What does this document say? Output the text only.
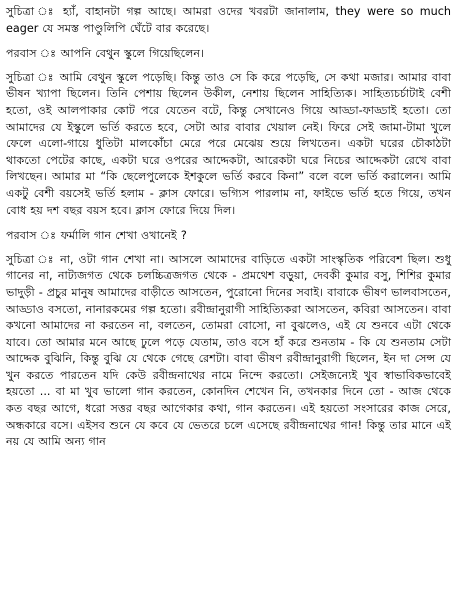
সুচিত্রা ঃ হ্যাঁ, বাহানটা গল্প আছে। আমরা ওদের খবরটা জানালাম, they were so much eager যে সমস্ত পাণ্ডুলিপি ঘেঁটে বার করেছে।

পরবাস ঃ আপনি বেথুন স্কুলে গিয়েছিলেন।

সুচিত্রা ঃ আমি বেথুন স্কুলে পড়েছি। কিন্তু তাও সে কি করে পড়েছি, সে কথা মজার। আমার বাবা ভীষন খ্যাপা ছিলেন। তিনি পেশায় ছিলেন উকীল, নেশায় ছিলেন সাহিত্যিক। সাহিত্যচর্চাটাই বেশী হতো, ওই আলপাকার কোট পরে যেতেন বটে, কিন্তু সেখানেও গিয়ে আড্ডা-ফাড্ডাই হতো। তো আমাদের যে ইস্কুলে ভর্তি করতে হবে, সেটা আর বাবার খেয়াল নেই। ফিরে সেই জামা-টামা খুলে ফেলে এলো-গায়ে ধুতিটা মালকোঁচা মেরে পরে মেঝেয় শুয়ে লিখতেন। একটা ঘরের চৌকাঠটা থাকতো পেটের কাছে, একটা ঘরে ওপরের আদ্দেকটা, আরেকটা ঘরে নিচের আদ্দেকটা রেখে বাবা লিখছেন। আমার মা “কি ছেলেপুলেকে ইশকুলে ভর্তি করবে কিনা” বলে বলে ভর্তি করালেন। আমি একটু বেশী বয়সেই ভর্তি হলাম - ক্লাস ফোরে। ভগ্যিস পারলাম না, ফাইভে ভর্তি হতে গিয়ে, তখন বোধ হয় দশ বছর বয়স হবে। ক্লাস ফোরে দিয়ে দিল।

পরবাস ঃ ফর্মালি গান শেখা ওখানেই ?

সুচিত্রা ঃ না, ওটা গান শেখা না। আসলে আমাদের বাড়িতে একটা সাংস্কৃতিক পরিবেশ ছিল। শুধু গানের না, নাট্যজগত থেকে চলচ্চিত্রজগত থেকে - প্রমথেশ বড়ুয়া, দেবকী কুমার বসু, শিশির কুমার ভাদুড়ী - প্রচুর মানুষ আমাদের বাড়ীতে আসতেন, পুরোনো দিনের সবাই। বাবাকে ভীষণ ভালবাসতেন, আড্ডাও বসতো, নানারকমের গল্প হতো। রবীন্দ্রানুরাগী সাহিত্যিকরা আসতেন, কবিরা আসতেন। বাবা কখনো আমাদের না করতেন না, বলতেন, তোমরা বোসো, না বুঝলেও, এই যে শুনবে এটা থেকে যাবে। তো আমার মনে আছে ঢুলে পড়ে যেতাম, তাও বসে হাঁ করে শুনতাম - কি যে শুনতাম সেটা আদ্দেক বুঝিনি, কিন্তু বুঝি যে থেকে গেছে রেশটা। বাবা ভীষণ রবীন্দ্রানুরাগী ছিলেন, ইন দা সেন্স যে খুন করতে পারতেন যদি কেউ রবীন্দ্রনাথের নামে নিন্দে করতো। সেইজন্যেই খুব স্বাভাবিকভাবেই হয়তো ... বা মা খুব ভালো গান করতেন, কোনদিন শেখেন নি, তখনকার দিনে তো - আজ থেকে কত বছর আগে, ধরো সত্তর বছর আগেকার কথা, গান করতেন। এই হয়তো সংসারের কাজ সেরে, অন্ধকারে বসে। এইসব শুনে যে কবে যে ভেতরে চলে এসেছে রবীন্দ্রনাথের গান! কিন্তু তার মানে এই নয় যে আমি অন্য গান
